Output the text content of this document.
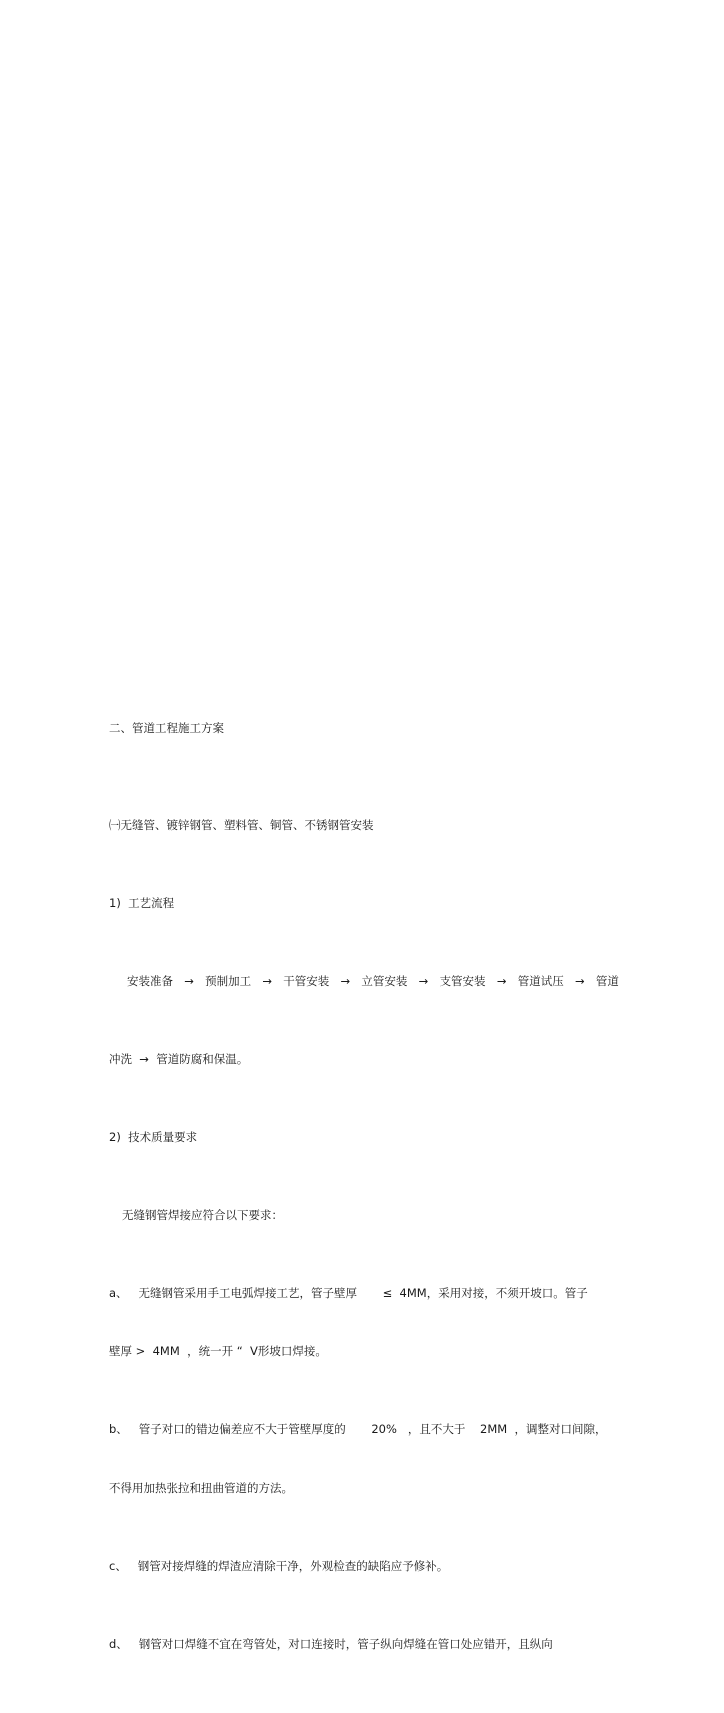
二、管道工程施工方案

㈠无缝管、镀锌钢管、塑料管、铜管、不锈钢管安装

1)  工艺流程

安装准备 → 预制加工 → 干管安装 → 立管安装 → 支管安装 → 管道试压 → 管道

冲洗  →  管道防腐和保温。

2)  技术质量要求

无缝钢管焊接应符合以下要求：

a、   无缝钢管采用手工电弧焊接工艺，管子壁厚       ≤  4MM，采用对接，不须开坡口。管子

壁厚 >  4MM  ，统一开 “  V形坡口焊接。

b、   管子对口的错边偏差应不大于管壁厚度的       20%   ，且不大于    2MM  ，调整对口间隙，

不得用加热张拉和扭曲管道的方法。

c、   钢管对接焊缝的焊渣应清除干净，外观检查的缺陷应予修补。

d、   钢管对口焊缝不宜在弯管处，对口连接时，管子纵向焊缝在管口处应错开，且纵向
